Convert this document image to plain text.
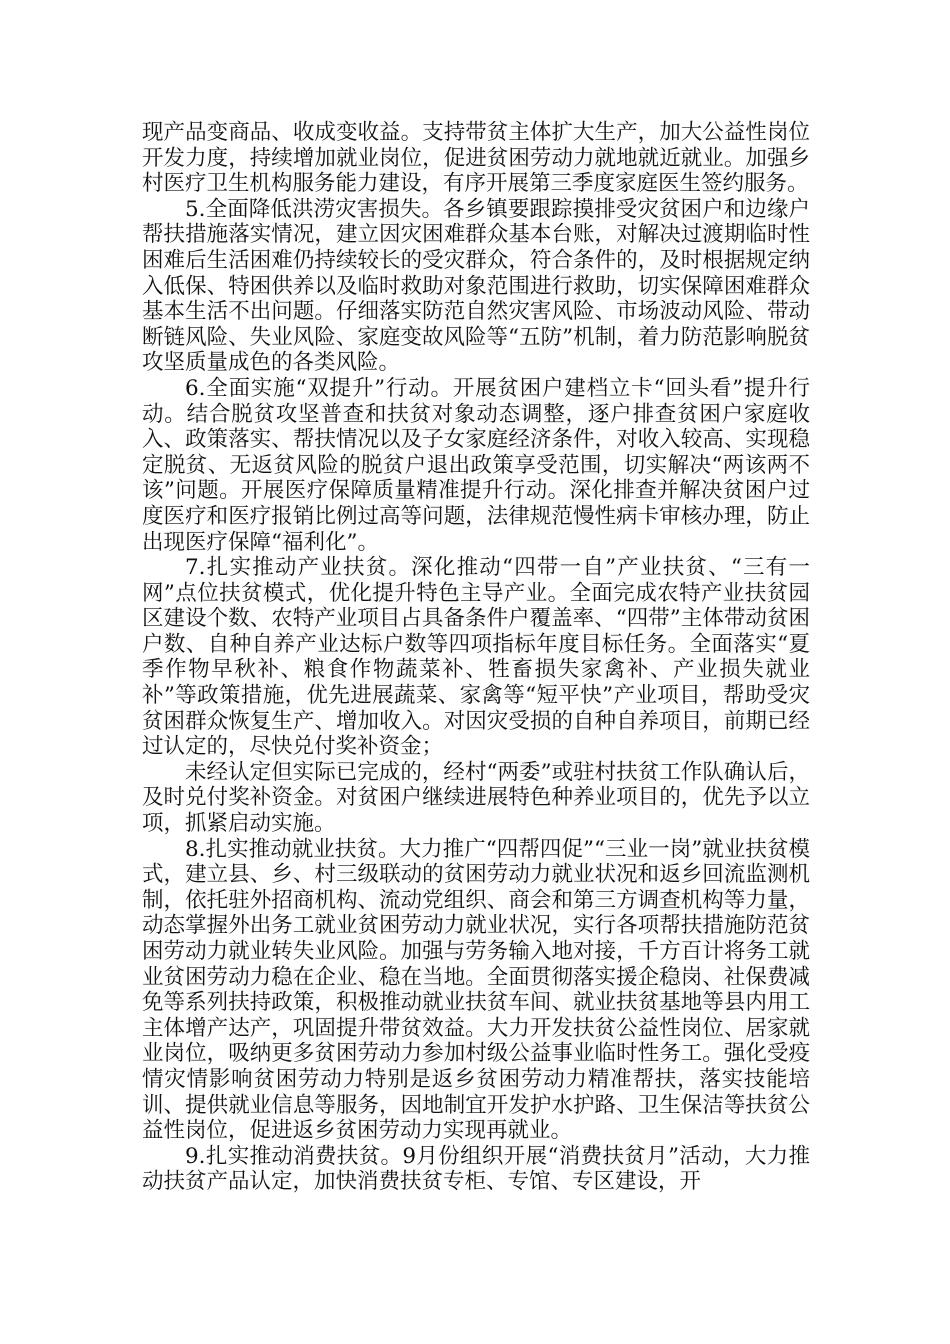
现产品变商品、收成变收益。支持带贫主体扩大生产，加大公益性岗位开发力度，持续增加就业岗位，促进贫困劳动力就地就近就业。加强乡村医疗卫生机构服务能力建设，有序开展第三季度家庭医生签约服务。

5.全面降低洪涝灾害损失。各乡镇要跟踪摸排受灾贫困户和边缘户帮扶措施落实情况，建立因灾困难群众基本台账，对解决过渡期临时性困难后生活困难仍持续较长的受灾群众，符合条件的，及时根据规定纳入低保、特困供养以及临时救助对象范围进行救助，切实保障困难群众基本生活不出问题。仔细落实防范自然灾害风险、市场波动风险、带动断链风险、失业风险、家庭变故风险等“五防”机制，着力防范影响脱贫攻坚质量成色的各类风险。

6.全面实施“双提升”行动。开展贫困户建档立卡“回头看”提升行动。结合脱贫攻坚普查和扶贫对象动态调整，逐户排查贫困户家庭收入、政策落实、帮扶情况以及子女家庭经济条件，对收入较高、实现稳定脱贫、无返贫风险的脱贫户退出政策享受范围，切实解决“两该两不该”问题。开展医疗保障质量精准提升行动。深化排查并解决贫困户过度医疗和医疗报销比例过高等问题，法律规范慢性病卡审核办理，防止出现医疗保障“福利化”。

7.扎实推动产业扶贫。深化推动“四带一自”产业扶贫、“三有一网”点位扶贫模式，优化提升特色主导产业。全面完成农特产业扶贫园区建设个数、农特产业项目占具备条件户覆盖率、“四带”主体带动贫困户数、自种自养产业达标户数等四项指标年度目标任务。全面落实“夏季作物早秋补、粮食作物蔬菜补、牲畜损失家禽补、产业损失就业补”等政策措施，优先进展蔬菜、家禽等“短平快”产业项目，帮助受灾贫困群众恢复生产、增加收入。对因灾受损的自种自养项目，前期已经过认定的，尽快兑付奖补资金；

未经认定但实际已完成的，经村“两委”或驻村扶贫工作队确认后，及时兑付奖补资金。对贫困户继续进展特色种养业项目的，优先予以立项，抓紧启动实施。

8.扎实推动就业扶贫。大力推广“四帮四促”“三业一岗”就业扶贫模式，建立县、乡、村三级联动的贫困劳动力就业状况和返乡回流监测机制，依托驻外招商机构、流动党组织、商会和第三方调查机构等力量，动态掌握外出务工就业贫困劳动力就业状况，实行各项帮扶措施防范贫困劳动力就业转失业风险。加强与劳务输入地对接，千方百计将务工就业贫困劳动力稳在企业、稳在当地。全面贯彻落实援企稳岗、社保费减免等系列扶持政策，积极推动就业扶贫车间、就业扶贫基地等县内用工主体增产达产，巩固提升带贫效益。大力开发扶贫公益性岗位、居家就业岗位，吸纳更多贫困劳动力参加村级公益事业临时性务工。强化受疫情灾情影响贫困劳动力特别是返乡贫困劳动力精准帮扶，落实技能培训、提供就业信息等服务，因地制宜开发护水护路、卫生保洁等扶贫公益性岗位，促进返乡贫困劳动力实现再就业。

9.扎实推动消费扶贫。9月份组织开展“消费扶贫月”活动，大力推动扶贫产品认定，加快消费扶贫专柜、专馆、专区建设，开
